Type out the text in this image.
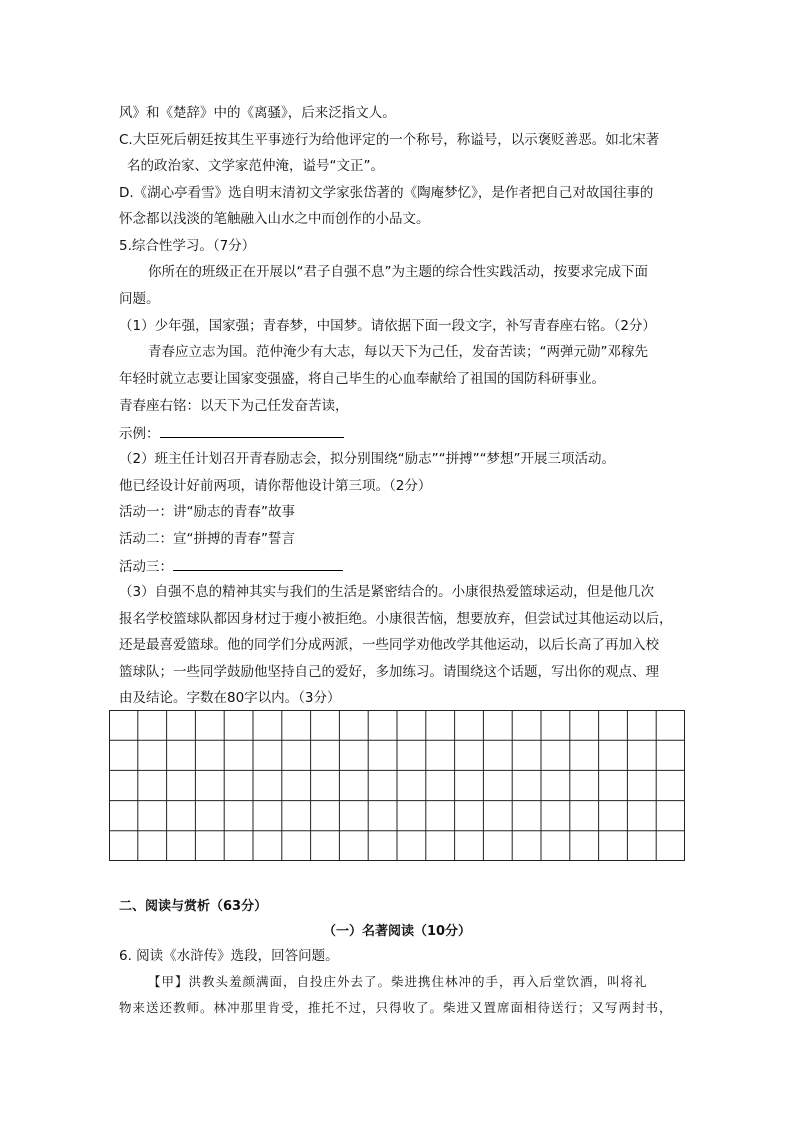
风》和《楚辞》中的《离骚》，后来泛指文人。
C.大臣死后朝廷按其生平事迹行为给他评定的一个称号，称谥号，以示褒贬善恶。如北宋著
名的政治家、文学家范仲淹，谥号“文正”。
D.《湖心亭看雪》选自明末清初文学家张岱著的《陶庵梦忆》，是作者把自己对故国往事的
怀念都以浅淡的笔触融入山水之中而创作的小品文。
5.综合性学习。（7分）
你所在的班级正在开展以“君子自强不息”为主题的综合性实践活动，按要求完成下面
问题。
（1）少年强，国家强；青春梦，中国梦。请依据下面一段文字，补写青春座右铭。（2分）
青春应立志为国。范仲淹少有大志，每以天下为己任，发奋苦读；“两弹元勋”邓稼先
年轻时就立志要让国家变强盛，将自己毕生的心血奉献给了祖国的国防科研事业。
青春座右铭：以天下为己任发奋苦读，
示例：
（2）班主任计划召开青春励志会，拟分别围绕“励志”“拼搏”“梦想”开展三项活动。
他已经设计好前两项，请你帮他设计第三项。（2分）
活动一：讲“励志的青春”故事
活动二：宣“拼搏的青春”誓言
活动三：
（3）自强不息的精神其实与我们的生活是紧密结合的。小康很热爱篮球运动，但是他几次
报名学校篮球队都因身材过于瘦小被拒绝。小康很苦恼，想要放弃，但尝试过其他运动以后，
还是最喜爱篮球。他的同学们分成两派，一些同学劝他改学其他运动，以后长高了再加入校
篮球队；一些同学鼓励他坚持自己的爱好，多加练习。请围绕这个话题，写出你的观点、理
由及结论。字数在80字以内。（3分）
二、阅读与赏析（63分）
（一）名著阅读（10分）
6. 阅读《水浒传》选段，回答问题。
【甲】洪教头羞颜满面，自投庄外去了。柴进携住林冲的手，再入后堂饮酒，叫将礼
物来送还教师。林冲那里肯受，推托不过，只得收了。柴进又置席面相待送行；又写两封书，
